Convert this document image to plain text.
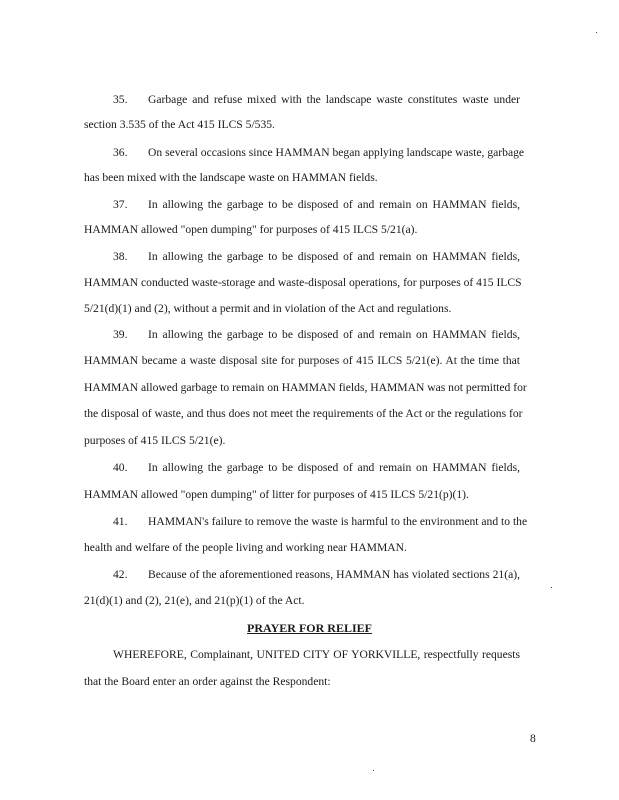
35. Garbage and refuse mixed with the landscape waste constitutes waste under
section 3.535 of the Act 415 ILCS 5/535.
36. On several occasions since HAMMAN began applying landscape waste, garbage
has been mixed with the landscape waste on HAMMAN fields.
37. In allowing the garbage to be disposed of and remain on HAMMAN fields,
HAMMAN allowed "open dumping" for purposes of 415 ILCS 5/21(a).
38. In allowing the garbage to be disposed of and remain on HAMMAN fields,
HAMMAN conducted waste-storage and waste-disposal operations, for purposes of 415 ILCS
5/21(d)(1) and (2), without a permit and in violation of the Act and regulations.
39. In allowing the garbage to be disposed of and remain on HAMMAN fields,
HAMMAN became a waste disposal site for purposes of 415 ILCS 5/21(e). At the time that
HAMMAN allowed garbage to remain on HAMMAN fields, HAMMAN was not permitted for
the disposal of waste, and thus does not meet the requirements of the Act or the regulations for
purposes of 415 ILCS 5/21(e).
40. In allowing the garbage to be disposed of and remain on HAMMAN fields,
HAMMAN allowed "open dumping" of litter for purposes of 415 ILCS 5/21(p)(1).
41. HAMMAN's failure to remove the waste is harmful to the environment and to the
health and welfare of the people living and working near HAMMAN.
42. Because of the aforementioned reasons, HAMMAN has violated sections 21(a),
21(d)(1) and (2), 21(e), and 21(p)(1) of the Act.
PRAYER FOR RELIEF
WHEREFORE, Complainant, UNITED CITY OF YORKVILLE, respectfully requests
that the Board enter an order against the Respondent:
8
